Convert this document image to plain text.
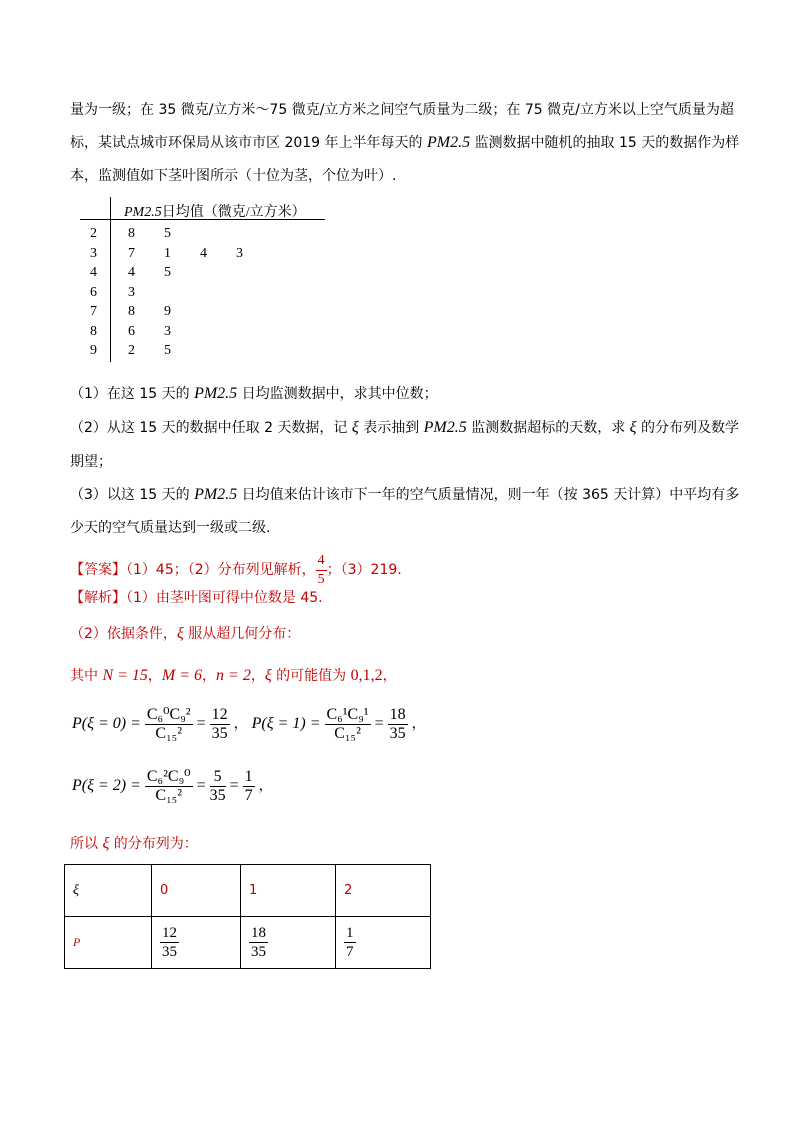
量为一级；在 35 微克/立方米～75 微克/立方米之间空气质量为二级；在 75 微克/立方米以上空气质量为超
标，某试点城市环保局从该市市区 2019 年上半年每天的 PM2.5 监测数据中随机的抽取 15 天的数据作为样
本，监测值如下茎叶图所示（十位为茎，个位为叶）.
PM2.5日均值（微克/立方米）
2 8 5
3 7 1 4 3
4 4 5
6 3
7 8 9
8 6 3
9 2 5
（1）在这 15 天的 PM2.5 日均监测数据中，求其中位数；
（2）从这 15 天的数据中任取 2 天数据，记 ξ 表示抽到 PM2.5 监测数据超标的天数，求 ξ 的分布列及数学
期望；
（3）以这 15 天的 PM2.5 日均值来估计该市下一年的空气质量情况，则一年（按 365 天计算）中平均有多
少天的空气质量达到一级或二级.
【答案】（1）45；（2）分布列见解析， $\frac{4}{5}$ ；（3）219.
【解析】（1）由茎叶图可得中位数是 45.
（2）依据条件，ξ 服从超几何分布：
其中 N = 15，M = 6，n = 2，ξ 的可能值为 0,1,2，
$P(\xi = 0) = \frac{\text{C₆⁰C₉²}}{\text{C₁₅²}} = \frac{12}{35}$ ， $P(\xi = 1) = \frac{\text{C₆¹C₉¹}}{\text{C₁₅²}} = \frac{18}{35}$ ，
$P(\xi = 2) = \frac{\text{C₆²C₉⁰}}{\text{C₁₅²}} = \frac{5}{35} = \frac{1}{7}$ ，
所以 ξ 的分布列为：
ξ	0	1	2
P	$\frac{12}{35}$	$\frac{18}{35}$	$\frac{1}{7}$
